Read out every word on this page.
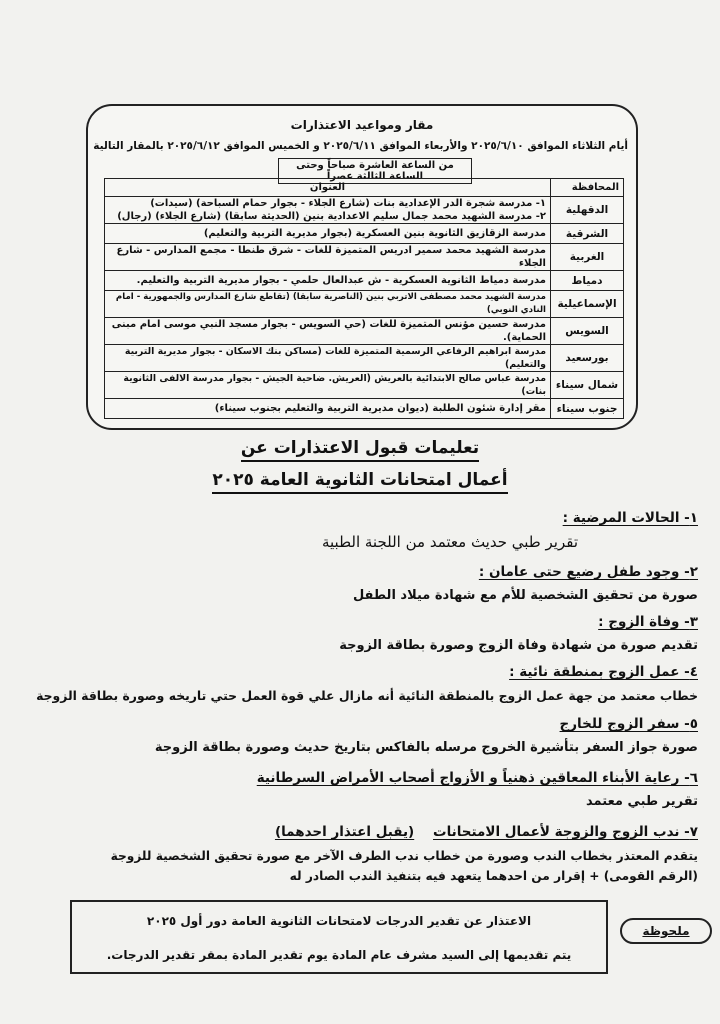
مقار ومواعيد الاعتذارات
أيام الثلاثاء الموافق ٢٠٢٥/٦/١٠ والأربعاء الموافق ٢٠٢٥/٦/١١ و الخميس الموافق ٢٠٢٥/٦/١٢ بالمقار التالية
من الساعة العاشرة صباحاً وحتى الساعة الثالثة عصراً
المحافظة	العنوان
الدقهلية	١- مدرسة شجرة الدر الإعدادية بنات (شارع الجلاء - بجوار حمام السباحة) (سيدات)
٢- مدرسة الشهيد محمد جمال سليم الاعدادية بنين (الحديثة سابقا) (شارع الجلاء) (رجال)

الشرقية	مدرسة الزقازيق الثانوية بنين العسكرية (بجوار مديرية التربية والتعليم)
الغربية	مدرسة الشهيد محمد سمير ادريس المتميزة للغات - شرق طنطا - مجمع المدارس - شارع الجلاء
دمياط	مدرسة دمياط الثانوية العسكرية - ش عبدالعال حلمي - بجوار مديرية التربية والتعليم.
الإسماعيلية	مدرسة الشهيد محمد مصطفى الاتربي بنين (الناصرية سابقا) (تقاطع شارع المدارس والجمهورية - امام النادي النوبي)
السويس	مدرسة حسين مؤنس المتميزة للغات (حي السويس - بجوار مسجد النبي موسى امام مبنى الحماية).
بورسعيد	مدرسة ابراهيم الرفاعي الرسمية المتميزة للغات (مساكن بنك الاسكان - بجوار مديرية التربية والتعليم)
شمال سيناء	مدرسة عباس صالح الابتدائية بالعريش (العريش. ضاحية الجيش - بجوار مدرسة الالفى الثانوية بنات)
جنوب سيناء	مقر إدارة شئون الطلبة (ديوان مديرية التربية والتعليم بجنوب سيناء)
تعليمات قبول الاعتذارات عن
أعمال امتحانات الثانوية العامة ٢٠٢٥
١- الحالات المرضية :
تقرير طبي حديث معتمد من اللجنة الطبية
٢- وجود طفل رضيع حتى عامان :
صورة من تحقيق الشخصية للأم مع شهادة ميلاد الطفل
٣- وفاة الزوج :
تقديم صورة من شهادة وفاة الزوج وصورة بطاقة الزوجة
٤- عمل الزوج بمنطقة نائية :
خطاب معتمد من جهة عمل الزوج بالمنطقة النائية أنه مازال علي قوة العمل حتي تاريخه وصورة بطاقة الزوجة
٥- سفر الزوج للخارج
صورة جواز السفر بتأشيرة الخروج مرسله بالفاكس بتاريخ حديث وصورة بطاقة الزوجة
٦- رعاية الأبناء المعاقين ذهنياً و الأزواج أصحاب الأمراض السرطانية
تقرير طبي معتمد
٧- ندب الزوج والزوجة لأعمال الامتحانات    (يقبل اعتذار احدهما)
يتقدم المعتذر بخطاب الندب وصورة من خطاب ندب الطرف الآخر مع صورة تحقيق الشخصية للزوجة
(الرقم القومى) + إقرار من احدهما يتعهد فيه بتنفيذ الندب الصادر له
ملحوظة
الاعتذار عن تقدير الدرجات لامتحانات الثانوية العامة دور أول ٢٠٢٥
يتم تقديمها إلى السيد مشرف عام المادة يوم تقدير المادة بمقر تقدير الدرجات.
